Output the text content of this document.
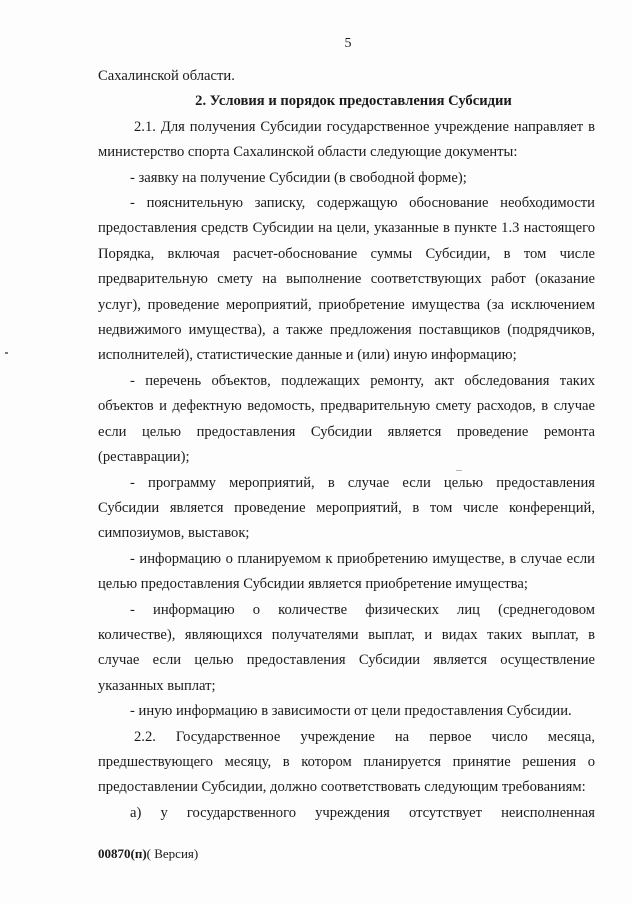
5
Сахалинской области.
2. Условия и порядок предоставления Субсидии
2.1. Для получения Субсидии государственное учреждение направляет в
министерство спорта Сахалинской области следующие документы:
- заявку на получение Субсидии (в свободной форме);
- пояснительную записку, содержащую обоснование необходимости
предоставления средств Субсидии на цели, указанные в пункте 1.3 настоящего
Порядка, включая расчет-обоснование суммы Субсидии, в том числе
предварительную смету на выполнение соответствующих работ (оказание
услуг), проведение мероприятий, приобретение имущества (за исключением
недвижимого имущества), а также предложения поставщиков (подрядчиков,
исполнителей), статистические данные и (или) иную информацию;
- перечень объектов, подлежащих ремонту, акт обследования таких
объектов и дефектную ведомость, предварительную смету расходов, в случае
если целью предоставления Субсидии является проведение ремонта
(реставрации);
- программу мероприятий, в случае если целью предоставления
Субсидии является проведение мероприятий, в том числе конференций,
симпозиумов, выставок;
- информацию о планируемом к приобретению имуществе, в случае если
целью предоставления Субсидии является приобретение имущества;
- информацию о количестве физических лиц (среднегодовом
количестве), являющихся получателями выплат, и видах таких выплат, в
случае если целью предоставления Субсидии является осуществление
указанных выплат;
- иную информацию в зависимости от цели предоставления Субсидии.
2.2. Государственное учреждение на первое число месяца,
предшествующего месяцу, в котором планируется принятие решения о
предоставлении Субсидии, должно соответствовать следующим требованиям:
а) у государственного учреждения отсутствует неисполненная
00870(п)( Версия)
